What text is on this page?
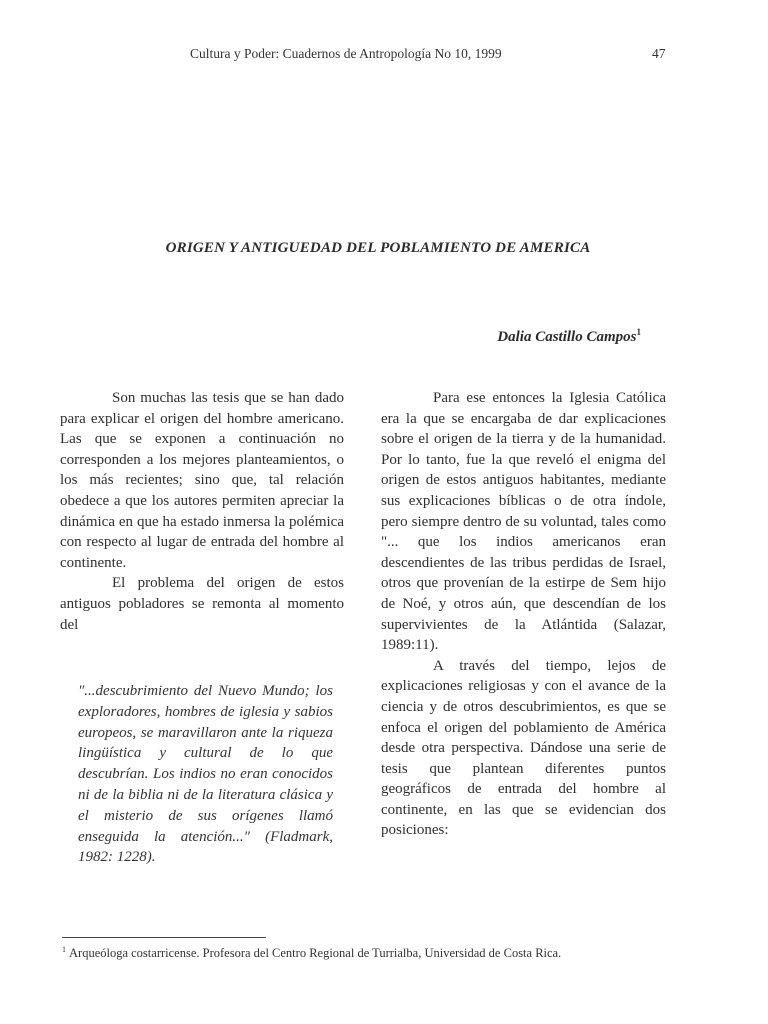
Cultura y Poder: Cuadernos de Antropología No 10, 1999	47
ORIGEN Y ANTIGUEDAD DEL POBLAMIENTO DE AMERICA
Dalia Castillo Campos$^1$

Son muchas las tesis que se han dado para explicar el origen del hombre americano. Las que se exponen a continuación no corresponden a los mejores planteamientos, o los más recientes; sino que, tal relación obedece a que los autores permiten apreciar la dinámica en que ha estado inmersa la polémica con respecto al lugar de entrada del hombre al continente.

El problema del origen de estos antiguos pobladores se remonta al momento del

"...descubrimiento del Nuevo Mundo; los exploradores, hombres de iglesia y sabios europeos, se maravillaron ante la riqueza lingüística y cultural de lo que descubrían. Los indios no eran conocidos ni de la biblia ni de la literatura clásica y el misterio de sus orígenes llamó enseguida la atención..." (Fladmark, 1982: 1228).

Para ese entonces la Iglesia Católica era la que se encargaba de dar explicaciones sobre el origen de la tierra y de la humanidad. Por lo tanto, fue la que reveló el enigma del origen de estos antiguos habitantes, mediante sus explicaciones bíblicas o de otra índole, pero siempre dentro de su voluntad, tales como "... que los indios americanos eran descendientes de las tribus perdidas de Israel, otros que provenían de la estirpe de Sem hijo de Noé, y otros aún, que descendían de los supervivientes de la Atlántida (Salazar, 1989:11).

A través del tiempo, lejos de explicaciones religiosas y con el avance de la ciencia y de otros descubrimientos, es que se enfoca el origen del poblamiento de América desde otra perspectiva. Dándose una serie de tesis que plantean diferentes puntos geográficos de entrada del hombre al continente, en las que se evidencian dos posiciones:

$^1$ Arqueóloga costarricense. Profesora del Centro Regional de Turrialba, Universidad de Costa Rica.
